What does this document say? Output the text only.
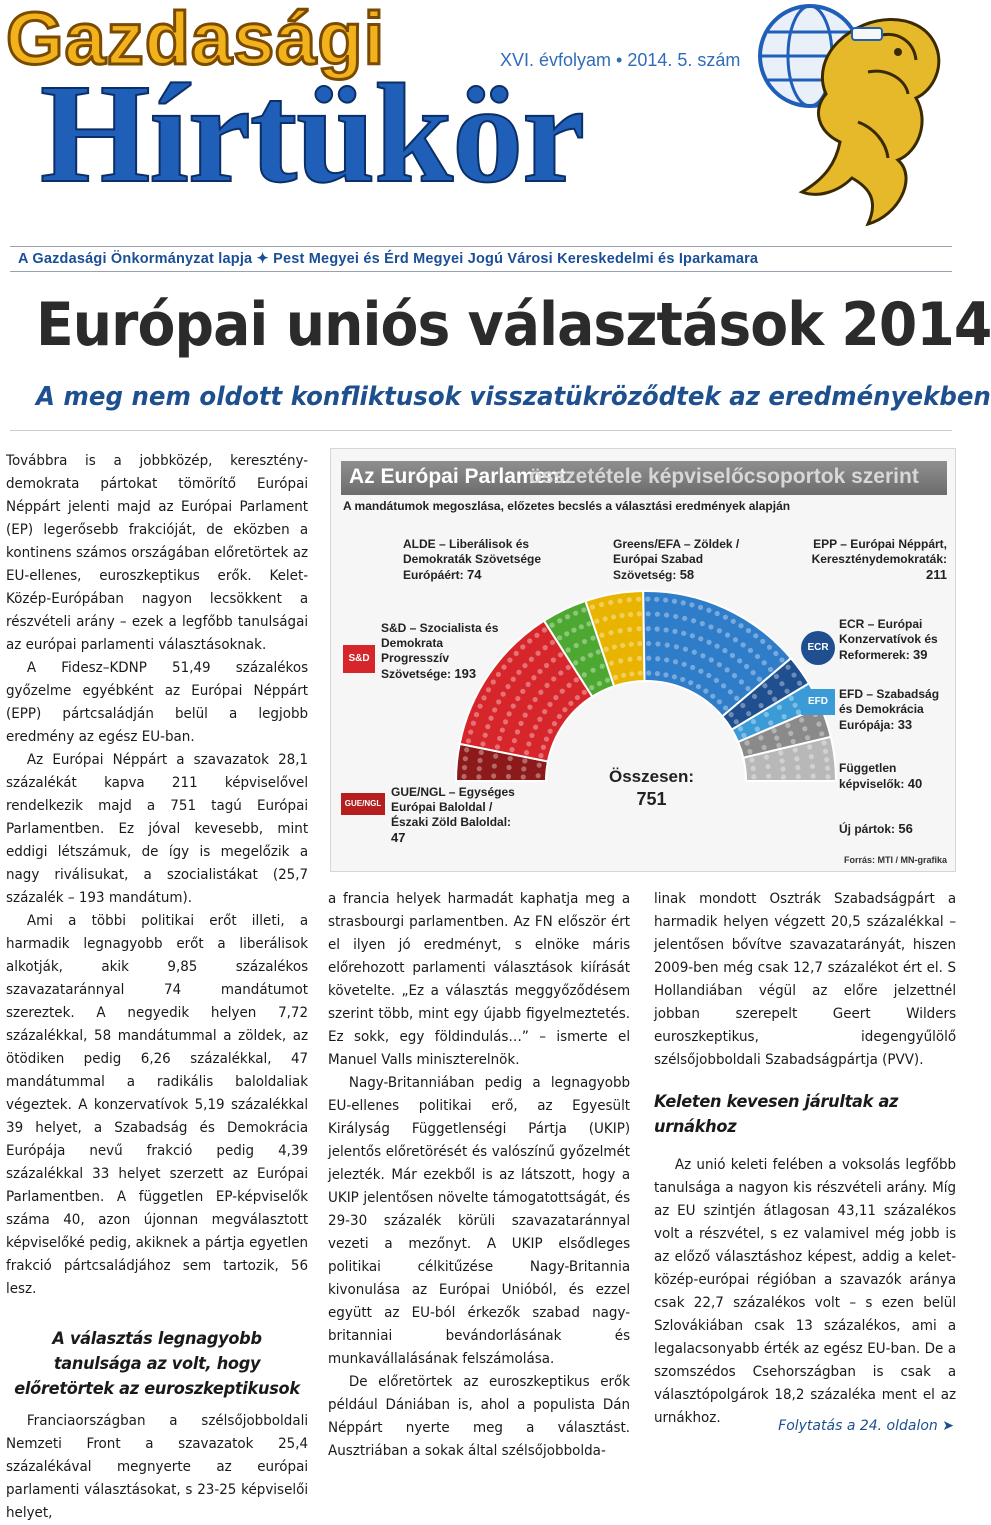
Gazdasági
Hírtükör
XVI. évfolyam • 2014. 5. szám
A Gazdasági Önkormányzat lapja ✦ Pest Megyei és Érd Megyei Jogú Városi Kereskedelmi és Iparkamara
Európai uniós választások 2014
A meg nem oldott konfliktusok visszatükröződtek az eredményekben

Továbbra is a jobbközép, keresztény-demokrata pártokat tömörítő Európai Néppárt jelenti majd az Európai Parlament (EP) legerősebb frakcióját, de eközben a kontinens számos országában előretörtek az EU-ellenes, euroszkeptikus erők. Kelet-Közép-Európában nagyon lecsökkent a részvételi arány – ezek a legfőbb tanulságai az európai parlamenti választásoknak.

A Fidesz–KDNP 51,49 százalékos győzelme egyébként az Európai Néppárt (EPP) pártcsaládján belül a legjobb eredmény az egész EU-ban.

Az Európai Néppárt a szavazatok 28,1 százalékát kapva 211 képviselővel rendelkezik majd a 751 tagú Európai Parlamentben. Ez jóval kevesebb, mint eddigi létszámuk, de így is megelőzik a nagy riválisukat, a szocialistákat (25,7 százalék – 193 mandátum).

Ami a többi politikai erőt illeti, a harmadik legnagyobb erőt a liberálisok alkotják, akik 9,85 százalékos szavazataránnyal 74 mandátumot szereztek. A negyedik helyen 7,72 százalékkal, 58 mandátummal a zöldek, az ötödiken pedig 6,26 százalékkal, 47 mandátummal a radikális baloldaliak végeztek. A konzervatívok 5,19 százalékkal 39 helyet, a Szabadság és Demokrácia Európája nevű frakció pedig 4,39 százalékkal 33 helyet szerzett az Európai Parlamentben. A független EP-képviselők száma 40, azon újonnan megválasztott képviselőké pedig, akiknek a pártja egyetlen frakció pártcsaládjához sem tartozik, 56 lesz.

A választás legnagyobb tanulsága az volt, hogy előretörtek az euroszkeptikusok

Franciaországban a szélsőjobboldali Nemzeti Front a szavazatok 25,4 százalékával megnyerte az európai parlamenti választásokat, s 23-25 képviselői helyet,

Az Európai Parlament
összetétele képviselőcsoportok szerint
A mandátumok megoszlása, előzetes becslés a választási eredmények alapján
ALDE – Liberálisok és Demokraták Szövetsége Európáért: 74
Greens/EFA – Zöldek / Európai Szabad Szövetség: 58
EPP – Európai Néppárt, Kereszténydemokraták: 211
ECR – Európai Konzervatívok és Reformerek: 39
EFD – Szabadság és Demokrácia Európája: 33
Független képviselők: 40
Új pártok: 56
S&D – Szocialista és Demokrata Progresszív Szövetsége: 193
GUE/NGL – Egységes Európai Baloldal / Északi Zöld Baloldal: 47
S&D
ECR
EFD
GUE/NGL
Összesen:
751
Forrás: MTI / MN-grafika

a francia helyek harmadát kaphatja meg a strasbourgi parlamentben. Az FN először ért el ilyen jó eredményt, s elnöke máris előrehozott parlamenti választások kiírását követelte. „Ez a választás meggyőződésem szerint több, mint egy újabb figyelmeztetés. Ez sokk, egy földindulás…” – ismerte el Manuel Valls miniszterelnök.

Nagy-Britanniában pedig a legnagyobb EU-ellenes politikai erő, az Egyesült Királyság Függetlenségi Pártja (UKIP) jelentős előretörését és valószínű győzelmét jelezték. Már ezekből is az látszott, hogy a UKIP jelentősen növelte támogatottságát, és 29-30 százalék körüli szavazataránnyal vezeti a mezőnyt. A UKIP elsődleges politikai célkitűzése Nagy-Britannia kivonulása az Európai Unióból, és ezzel együtt az EU-ból érkezők szabad nagy-britanniai bevándorlásának és munkavállalásának felszámolása.

De előretörtek az euroszkeptikus erők például Dániában is, ahol a populista Dán Néppárt nyerte meg a választást. Ausztriában a sokak által szélsőjobbolda-

linak mondott Osztrák Szabadságpárt a harmadik helyen végzett 20,5 százalékkal – jelentősen bővítve szavazatarányát, hiszen 2009-ben még csak 12,7 százalékot ért el. S Hollandiában végül az előre jelzettnél jobban szerepelt Geert Wilders euroszkeptikus, idegengyűlölő szélsőjobboldali Szabadságpártja (PVV).

Keleten kevesen járultak az urnákhoz

Az unió keleti felében a voksolás legfőbb tanulsága a nagyon kis részvételi arány. Míg az EU szintjén átlagosan 43,11 százalékos volt a részvétel, s ez valamivel még jobb is az előző választáshoz képest, addig a kelet-közép-európai régióban a szavazók aránya csak 22,7 százalékos volt – s ezen belül Szlovákiában csak 13 százalékos, ami a legalacsonyabb érték az egész EU-ban. De a szomszédos Csehországban is csak a választópolgárok 18,2 százaléka ment el az urnákhoz.	Folytatás a 24. oldalon ➤
